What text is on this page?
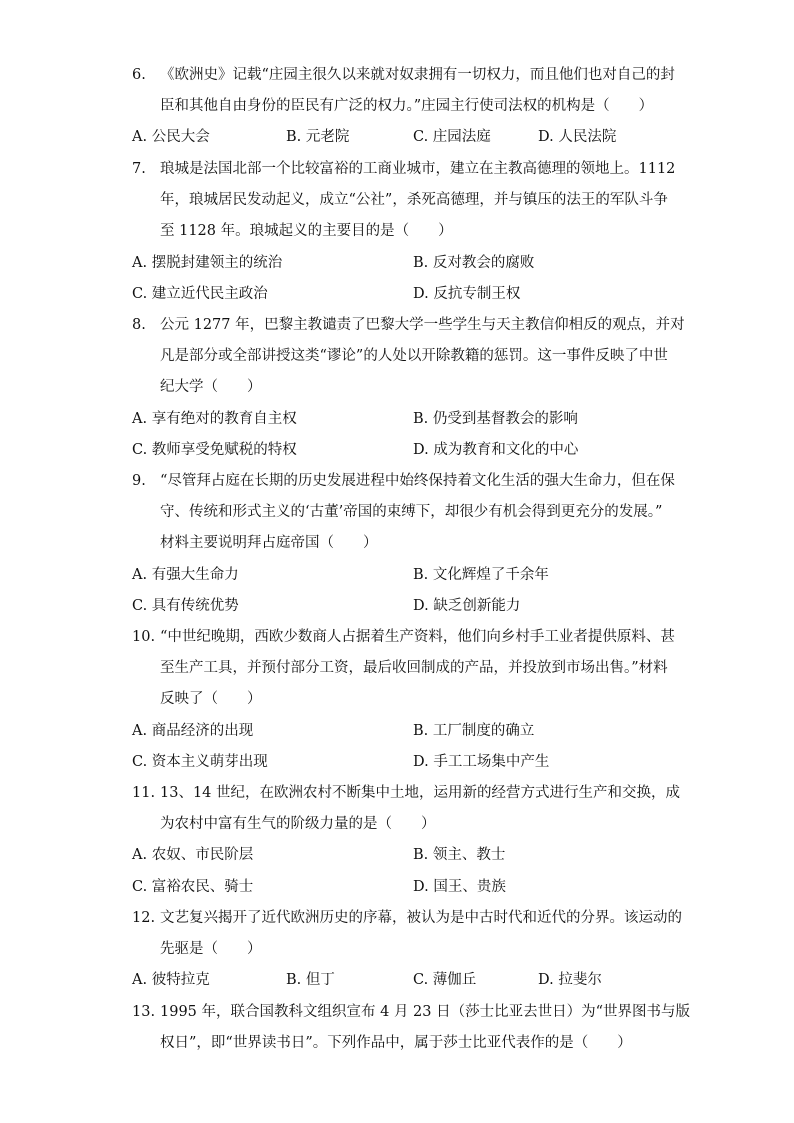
6. 《欧洲史》记载“庄园主很久以来就对奴隶拥有一切权力，而且他们也对自己的封
臣和其他自由身份的臣民有广泛的权力。”庄园主行使司法权的机构是（　　）
A. 公民大会	B. 元老院	C. 庄园法庭	D. 人民法院
7. 琅城是法国北部一个比较富裕的工商业城市，建立在主教高德理的领地上。1112
年，琅城居民发动起义，成立“公社”，杀死高德理，并与镇压的法王的军队斗争
至 1128 年。琅城起义的主要目的是（　　）
A. 摆脱封建领主的统治	B. 反对教会的腐败
C. 建立近代民主政治	D. 反抗专制王权
8. 公元 1277 年，巴黎主教谴责了巴黎大学一些学生与天主教信仰相反的观点，并对
凡是部分或全部讲授这类“谬论”的人处以开除教籍的惩罚。这一事件反映了中世
纪大学（　　）
A. 享有绝对的教育自主权	B. 仍受到基督教会的影响
C. 教师享受免赋税的特权	D. 成为教育和文化的中心
9. “尽管拜占庭在长期的历史发展进程中始终保持着文化生活的强大生命力，但在保
守、传统和形式主义的‘古董’帝国的束缚下，却很少有机会得到更充分的发展。”
材料主要说明拜占庭帝国（　　）
A. 有强大生命力	B. 文化辉煌了千余年
C. 具有传统优势	D. 缺乏创新能力
10. “中世纪晚期，西欧少数商人占据着生产资料，他们向乡村手工业者提供原料、甚
至生产工具，并预付部分工资，最后收回制成的产品，并投放到市场出售。”材料
反映了（　　）
A. 商品经济的出现	B. 工厂制度的确立
C. 资本主义萌芽出现	D. 手工工场集中产生
11. 13、14 世纪，在欧洲农村不断集中土地，运用新的经营方式进行生产和交换，成
为农村中富有生气的阶级力量的是（　　）
A. 农奴、市民阶层	B. 领主、教士
C. 富裕农民、骑士	D. 国王、贵族
12. 文艺复兴揭开了近代欧洲历史的序幕，被认为是中古时代和近代的分界。该运动的
先驱是（　　）
A. 彼特拉克	B. 但丁	C. 薄伽丘	D. 拉斐尔
13. 1995 年，联合国教科文组织宣布 4 月 23 日（莎士比亚去世日）为“世界图书与版
权日”，即“世界读书日”。下列作品中，属于莎士比亚代表作的是（　　）
